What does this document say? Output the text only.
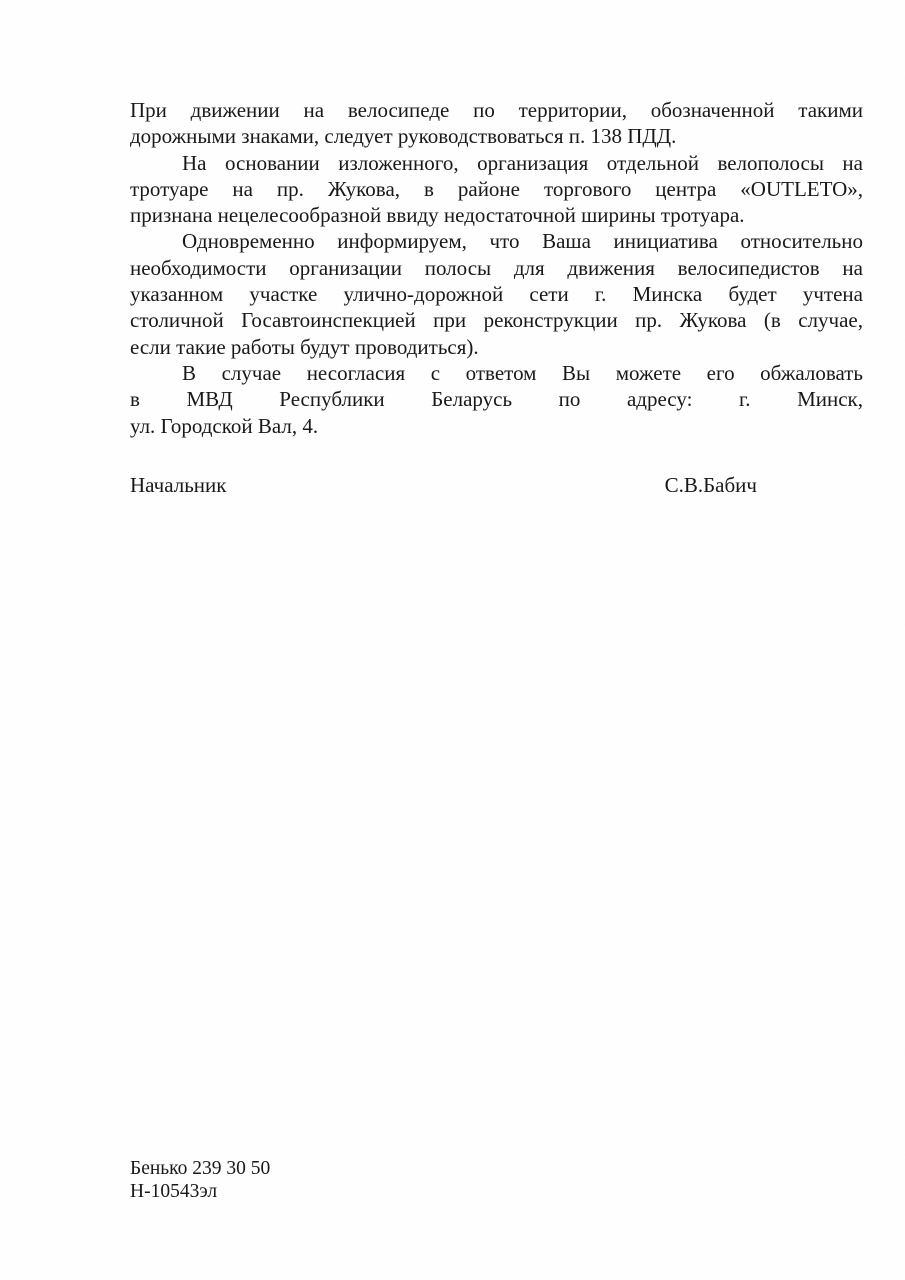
При движении на велосипеде по территории, обозначенной такими
дорожными знаками, следует руководствоваться п. 138 ПДД.
На основании изложенного, организация отдельной велополосы на
тротуаре на пр. Жукова, в районе торгового центра «OUTLETO»,
признана нецелесообразной ввиду недостаточной ширины тротуара.
Одновременно информируем, что Ваша инициатива относительно
необходимости организации полосы для движения велосипедистов на
указанном участке улично-дорожной сети г. Минска будет учтена
столичной Госавтоинспекцией при реконструкции пр. Жукова (в случае,
если такие работы будут проводиться).
В случае несогласия с ответом Вы можете его обжаловать
в МВД Республики Беларусь по адресу: г. Минск,
ул. Городской Вал, 4.
Начальник	С.В.Бабич
Бенько 239 30 50
Н-10543эл
